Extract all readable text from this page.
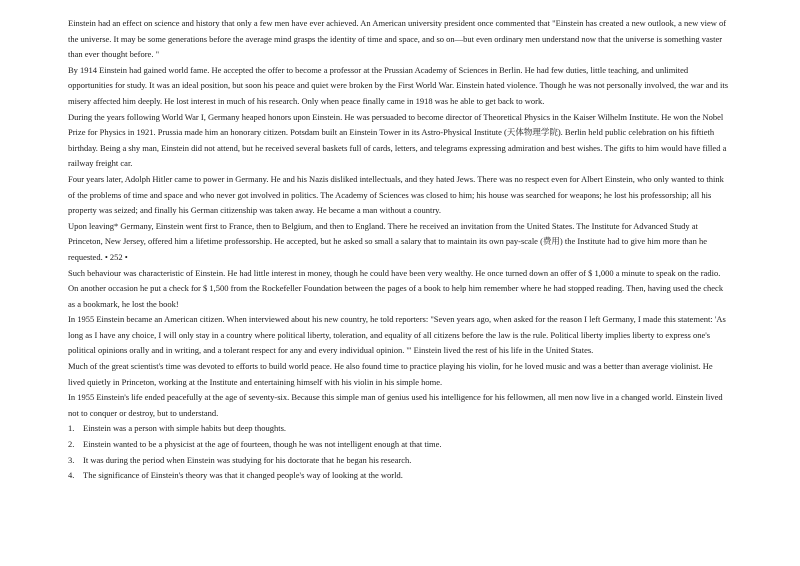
Einstein had an effect on science and history that only a few men have ever achieved. An American university president once commented that "Einstein has created a new outlook, a new view of the universe. It may be some generations before the average mind grasps the identity of time and space, and so on—but even ordinary men understand now that the universe is something vaster than ever thought before. "

By 1914 Einstein had gained world fame. He accepted the offer to become a professor at the Prussian Academy of Sciences in Berlin. He had few duties, little teaching, and unlimited opportunities for study. It was an ideal position, but soon his peace and quiet were broken by the First World War. Einstein hated violence. Though he was not personally involved, the war and its misery affected him deeply. He lost interest in much of his research. Only when peace finally came in 1918 was he able to get back to work.

During the years following World War I, Germany heaped honors upon Einstein. He was persuaded to become director of Theoretical Physics in the Kaiser Wilhelm Institute. He won the Nobel Prize for Physics in 1921. Prussia made him an honorary citizen. Potsdam built an Einstein Tower in its Astro-Physical Institute (天体物理学院). Berlin held public celebration on his fiftieth birthday. Being a shy man, Einstein did not attend, but he received several baskets full of cards, letters, and telegrams expressing admiration and best wishes. The gifts to him would have filled a railway freight car.

Four years later, Adolph Hitler came to power in Germany. He and his Nazis disliked intellectuals, and they hated Jews. There was no respect even for Albert Einstein, who only wanted to think of the problems of time and space and who never got involved in politics. The Academy of Sciences was closed to him; his house was searched for weapons; he lost his professorship; all his property was seized; and finally his German citizenship was taken away. He became a man without a country.

Upon leaving* Germany, Einstein went first to France, then to Belgium, and then to England. There he received an invitation from the United States. The Institute for Advanced Study at Princeton, New Jersey, offered him a lifetime professorship. He accepted, but he asked so small a salary that to maintain its own pay-scale (费用) the Institute had to give him more than he requested. • 252 •

Such behaviour was characteristic of Einstein. He had little interest in money, though he could have been very wealthy. He once turned down an offer of $ 1,000 a minute to speak on the radio. On another occasion he put a check for $ 1,500 from the Rockefeller Foundation between the pages of a book to help him remember where he had stopped reading. Then, having used the check as a bookmark, he lost the book!

In 1955 Einstein became an American citizen. When interviewed about his new country, he told reporters: "Seven years ago, when asked for the reason I left Germany, I made this statement: 'As long as I have any choice, I will only stay in a country where political liberty, toleration, and equality of all citizens before the law is the rule. Political liberty implies liberty to express one's political opinions orally and in writing, and a tolerant respect for any and every individual opinion. '" Einstein lived the rest of his life in the United States.

Much of the great scientist's time was devoted to efforts to build world peace. He also found time to practice playing his violin, for he loved music and was a better than average violinist. He lived quietly in Princeton, working at the Institute and entertaining himself with his violin in his simple home.

In 1955 Einstein's life ended peacefully at the age of seventy-six. Because this simple man of genius used his intelligence for his fellowmen, all men now live in a changed world. Einstein lived not to conquer or destroy, but to understand.

1.	Einstein was a person with simple habits but deep thoughts.
2.	Einstein wanted to be a physicist at the age of fourteen, though he was not intelligent enough at that time.
3.	It was during the period when Einstein was studying for his doctorate that he began his research.
4.	The significance of Einstein's theory was that it changed people's way of looking at the world.
